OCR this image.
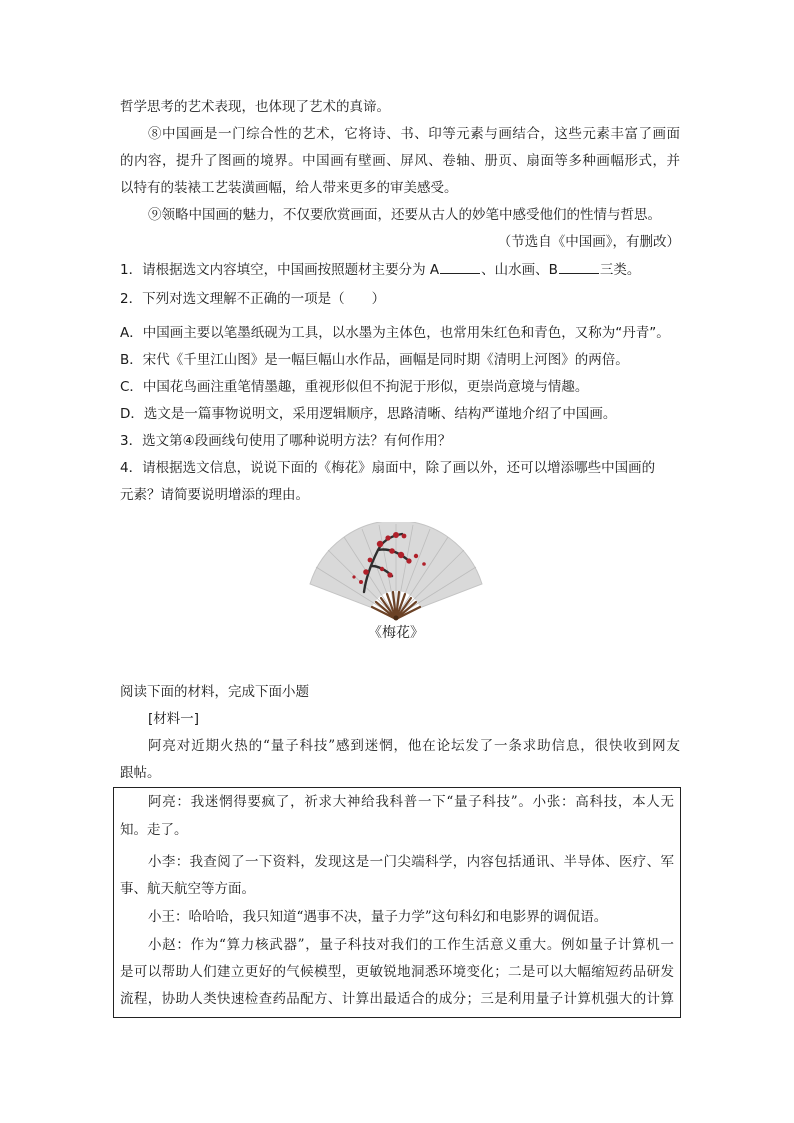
哲学思考的艺术表现，也体现了艺术的真谛。
⑧中国画是一门综合性的艺术，它将诗、书、印等元素与画结合，这些元素丰富了画面
的内容，提升了图画的境界。中国画有壁画、屏风、卷轴、册页、扇面等多种画幅形式，并
以特有的装裱工艺装潢画幅，给人带来更多的审美感受。
⑨领略中国画的魅力，不仅要欣赏画面，还要从古人的妙笔中感受他们的性情与哲思。
（节选自《中国画》，有删改）
1．请根据选文内容填空，中国画按照题材主要分为 A	、山水画、B	三类。
2．下列对选文理解不正确的一项是（　　）
A．中国画主要以笔墨纸砚为工具，以水墨为主体色，也常用朱红色和青色，又称为“丹青”。
B．宋代《千里江山图》是一幅巨幅山水作品，画幅是同时期《清明上河图》的两倍。
C．中国花鸟画注重笔情墨趣，重视形似但不拘泥于形似，更崇尚意境与情趣。
D．选文是一篇事物说明文，采用逻辑顺序，思路清晰、结构严谨地介绍了中国画。
3．选文第④段画线句使用了哪种说明方法？有何作用？
4．请根据选文信息，说说下面的《梅花》扇面中，除了画以外，还可以增添哪些中国画的
元素？请简要说明增添的理由。
《梅花》
阅读下面的材料，完成下面小题
[材料一]
阿亮对近期火热的“量子科技”感到迷惘，他在论坛发了一条求助信息，很快收到网友
跟帖。
阿亮：我迷惘得要疯了，祈求大神给我科普一下“量子科技”。小张：高科技，本人无
知。走了。
小李：我查阅了一下资料，发现这是一门尖端科学，内容包括通讯、半导体、医疗、军
事、航天航空等方面。
小王：哈哈哈，我只知道“遇事不决，量子力学”这句科幻和电影界的调侃语。
小赵：作为“算力核武器”，量子科技对我们的工作生活意义重大。例如量子计算机一
是可以帮助人们建立更好的气候模型，更敏锐地洞悉环境变化；二是可以大幅缩短药品研发
流程，协助人类快速检查药品配方、计算出最适合的成分；三是利用量子计算机强大的计算
